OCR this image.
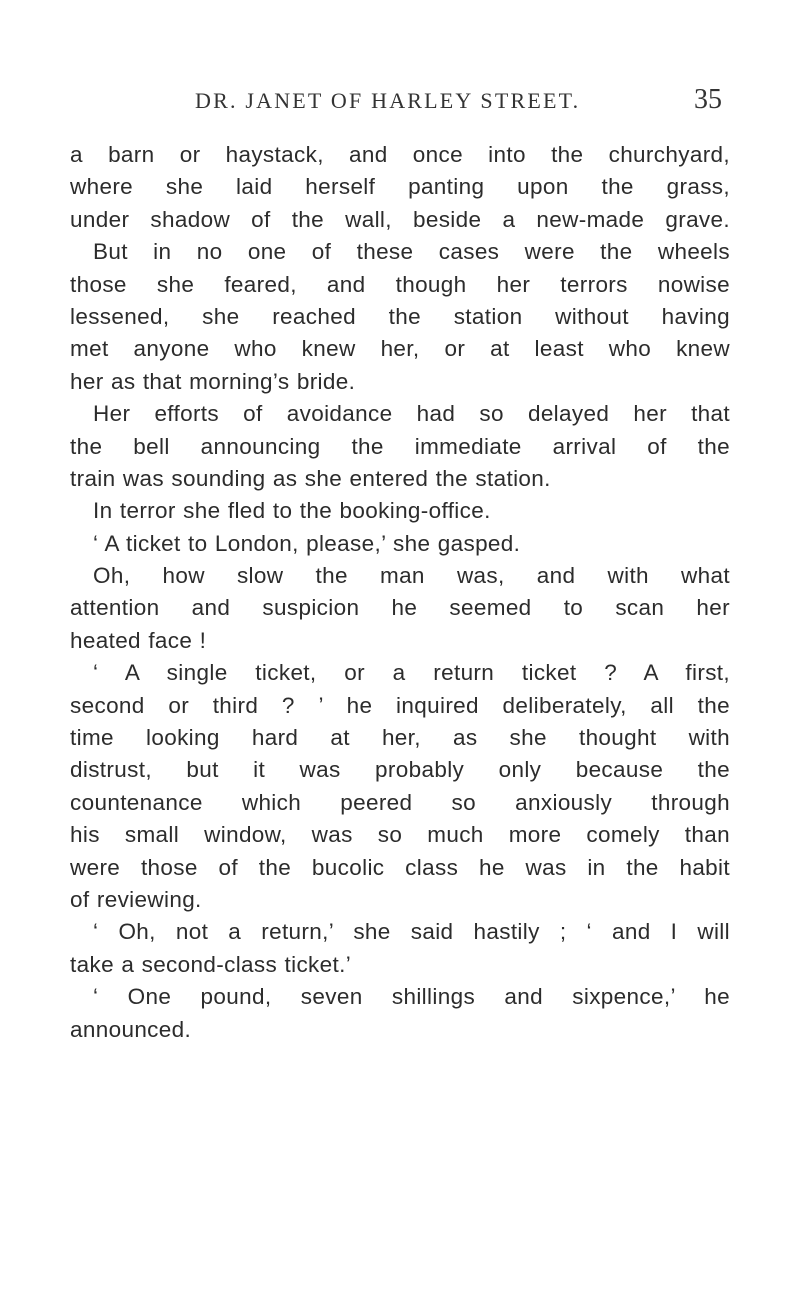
DR. JANET OF HARLEY STREET.	35
a barn or haystack, and once into the churchyard,
where she laid herself panting upon the grass,
under shadow of the wall, beside a new-made grave.
But in no one of these cases were the wheels
those she feared, and though her terrors nowise
lessened, she reached the station without having
met anyone who knew her, or at least who knew
her as that morning’s bride.
Her efforts of avoidance had so delayed her that
the bell announcing the immediate arrival of the
train was sounding as she entered the station.
In terror she fled to the booking-office.
‘ A ticket to London, please,’ she gasped.
Oh, how slow the man was, and with what
attention and suspicion he seemed to scan her
heated face !
‘ A single ticket, or a return ticket ? A first,
second or third ? ’ he inquired deliberately, all the
time looking hard at her, as she thought with
distrust, but it was probably only because the
countenance which peered so anxiously through
his small window, was so much more comely than
were those of the bucolic class he was in the habit
of reviewing.
‘ Oh, not a return,’ she said hastily ; ‘ and I will
take a second-class ticket.’
‘ One pound, seven shillings and sixpence,’ he
announced.
